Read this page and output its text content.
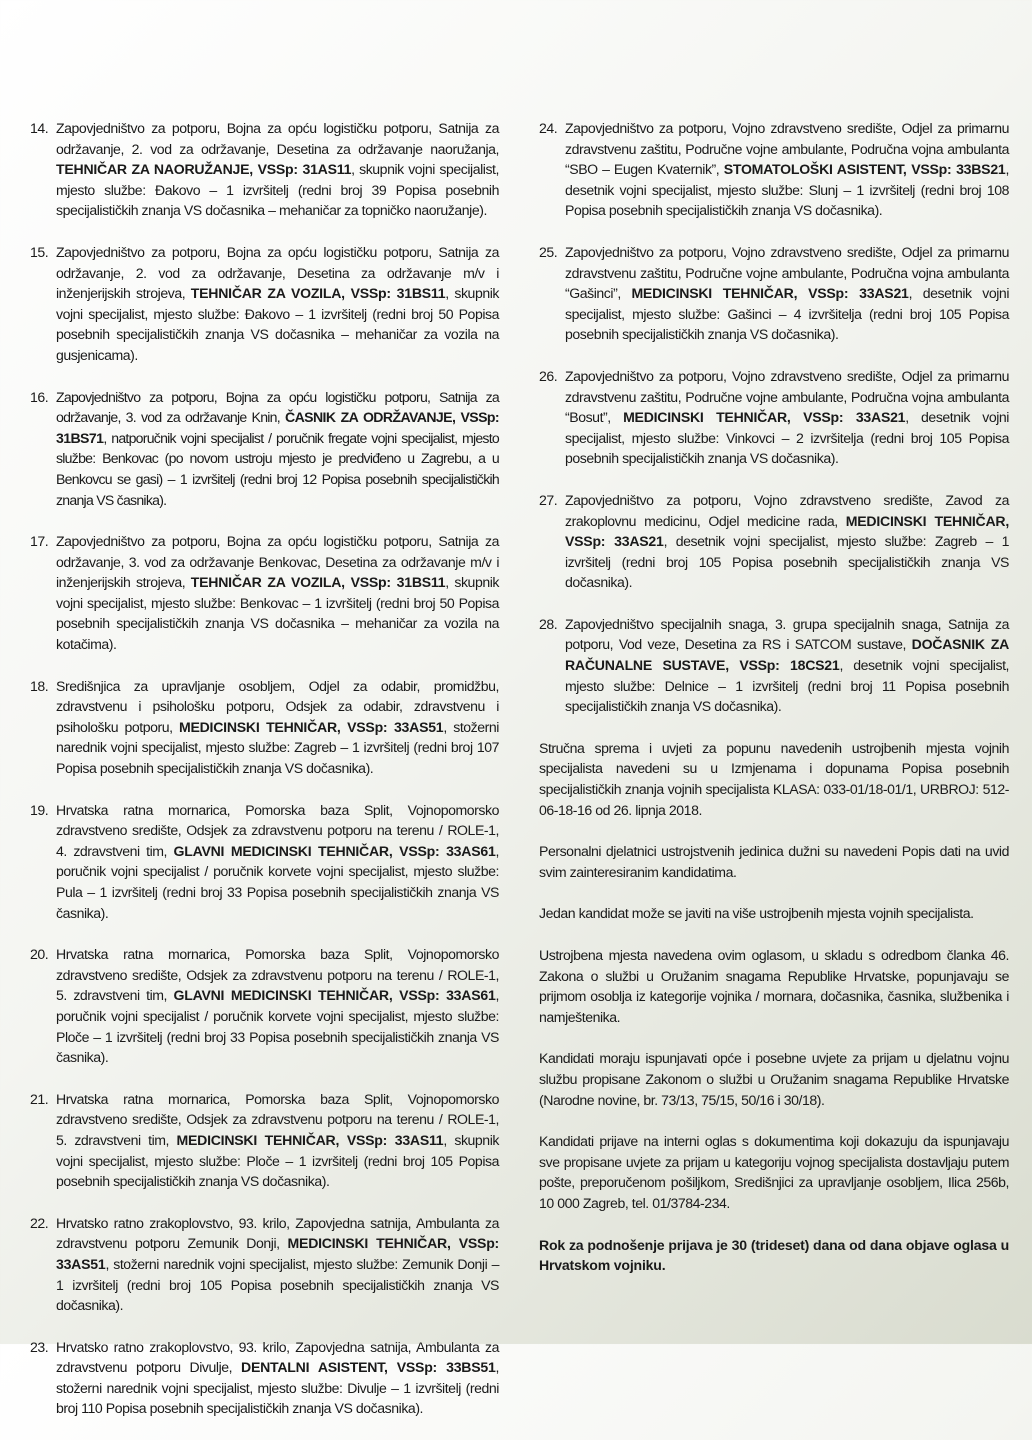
14. Zapovjedništvo za potporu, Bojna za opću logističku potporu, Satnija za održavanje, 2. vod za održavanje, Desetina za održavanje naoružanja, TEHNIČAR ZA NAORUŽANJE, VSSp: 31AS11, skupnik vojni specijalist, mjesto službe: Đakovo – 1 izvršitelj (redni broj 39 Popisa posebnih specijalističkih znanja VS dočasnika – mehaničar za topničko naoružanje).

15. Zapovjedništvo za potporu, Bojna za opću logističku potporu, Satnija za održavanje, 2. vod za održavanje, Desetina za održavanje m/v i inženjerijskih strojeva, TEHNIČAR ZA VOZILA, VSSp: 31BS11, skupnik vojni specijalist, mjesto službe: Đakovo – 1 izvršitelj (redni broj 50 Popisa posebnih specijalističkih znanja VS dočasnika – mehaničar za vozila na gusjenicama).

16. Zapovjedništvo za potporu, Bojna za opću logističku potporu, Satnija za održavanje, 3. vod za održavanje Knin, ČASNIK ZA ODRŽAVANJE, VSSp: 31BS71, natporučnik vojni specijalist / poručnik fregate vojni specijalist, mjesto službe: Benkovac (po novom ustroju mjesto je predviđeno u Zagrebu, a u Benkovcu se gasi) – 1 izvršitelj (redni broj 12 Popisa posebnih specijalističkih znanja VS časnika).

17. Zapovjedništvo za potporu, Bojna za opću logističku potporu, Satnija za održavanje, 3. vod za održavanje Benkovac, Desetina za održavanje m/v i inženjerijskih strojeva, TEHNIČAR ZA VOZILA, VSSp: 31BS11, skupnik vojni specijalist, mjesto službe: Benkovac – 1 izvršitelj (redni broj 50 Popisa posebnih specijalističkih znanja VS dočasnika – mehaničar za vozila na kotačima).

18. Središnjica za upravljanje osobljem, Odjel za odabir, promidžbu, zdravstvenu i psihološku potporu, Odsjek za odabir, zdravstvenu i psihološku potporu, MEDICINSKI TEHNIČAR, VSSp: 33AS51, stožerni narednik vojni specijalist, mjesto službe: Zagreb – 1 izvršitelj (redni broj 107 Popisa posebnih specijalističkih znanja VS dočasnika).

19. Hrvatska ratna mornarica, Pomorska baza Split, Vojnopomorsko zdravstveno središte, Odsjek za zdravstvenu potporu na terenu / ROLE-1, 4. zdravstveni tim, GLAVNI MEDICINSKI TEHNIČAR, VSSp: 33AS61, poručnik vojni specijalist / poručnik korvete vojni specijalist, mjesto službe: Pula – 1 izvršitelj (redni broj 33 Popisa posebnih specijalističkih znanja VS časnika).

20. Hrvatska ratna mornarica, Pomorska baza Split, Vojnopomorsko zdravstveno središte, Odsjek za zdravstvenu potporu na terenu / ROLE-1, 5. zdravstveni tim, GLAVNI MEDICINSKI TEHNIČAR, VSSp: 33AS61, poručnik vojni specijalist / poručnik korvete vojni specijalist, mjesto službe: Ploče – 1 izvršitelj (redni broj 33 Popisa posebnih specijalističkih znanja VS časnika).

21. Hrvatska ratna mornarica, Pomorska baza Split, Vojnopomorsko zdravstveno središte, Odsjek za zdravstvenu potporu na terenu / ROLE-1, 5. zdravstveni tim, MEDICINSKI TEHNIČAR, VSSp: 33AS11, skupnik vojni specijalist, mjesto službe: Ploče – 1 izvršitelj (redni broj 105 Popisa posebnih specijalističkih znanja VS dočasnika).

22. Hrvatsko ratno zrakoplovstvo, 93. krilo, Zapovjedna satnija, Ambulanta za zdravstvenu potporu Zemunik Donji, MEDICINSKI TEHNIČAR, VSSp: 33AS51, stožerni narednik vojni specijalist, mjesto službe: Zemunik Donji – 1 izvršitelj (redni broj 105 Popisa posebnih specijalističkih znanja VS dočasnika).

23. Hrvatsko ratno zrakoplovstvo, 93. krilo, Zapovjedna satnija, Ambulanta za zdravstvenu potporu Divulje, DENTALNI ASISTENT, VSSp: 33BS51, stožerni narednik vojni specijalist, mjesto službe: Divulje – 1 izvršitelj (redni broj 110 Popisa posebnih specijalističkih znanja VS dočasnika).

24. Zapovjedništvo za potporu, Vojno zdravstveno središte, Odjel za primarnu zdravstvenu zaštitu, Područne vojne ambulante, Područna vojna ambulanta “SBO – Eugen Kvaternik”, STOMATOLOŠKI ASISTENT, VSSp: 33BS21, desetnik vojni specijalist, mjesto službe: Slunj – 1 izvršitelj (redni broj 108 Popisa posebnih specijalističkih znanja VS dočasnika).

25. Zapovjedništvo za potporu, Vojno zdravstveno središte, Odjel za primarnu zdravstvenu zaštitu, Područne vojne ambulante, Područna vojna ambulanta “Gašinci”, MEDICINSKI TEHNIČAR, VSSp: 33AS21, desetnik vojni specijalist, mjesto službe: Gašinci – 4 izvršitelja (redni broj 105 Popisa posebnih specijalističkih znanja VS dočasnika).

26. Zapovjedništvo za potporu, Vojno zdravstveno središte, Odjel za primarnu zdravstvenu zaštitu, Područne vojne ambulante, Područna vojna ambulanta “Bosut”, MEDICINSKI TEHNIČAR, VSSp: 33AS21, desetnik vojni specijalist, mjesto službe: Vinkovci – 2 izvršitelja (redni broj 105 Popisa posebnih specijalističkih znanja VS dočasnika).

27. Zapovjedništvo za potporu, Vojno zdravstveno središte, Zavod za zrakoplovnu medicinu, Odjel medicine rada, MEDICINSKI TEHNIČAR, VSSp: 33AS21, desetnik vojni specijalist, mjesto službe: Zagreb – 1 izvršitelj (redni broj 105 Popisa posebnih specijalističkih znanja VS dočasnika).

28. Zapovjedništvo specijalnih snaga, 3. grupa specijalnih snaga, Satnija za potporu, Vod veze, Desetina za RS i SATCOM sustave, DOČASNIK ZA RAČUNALNE SUSTAVE, VSSp: 18CS21, desetnik vojni specijalist, mjesto službe: Delnice – 1 izvršitelj (redni broj 11 Popisa posebnih specijalističkih znanja VS dočasnika).

Stručna sprema i uvjeti za popunu navedenih ustrojbenih mjesta vojnih specijalista navedeni su u Izmjenama i dopunama Popisa posebnih specijalističkih znanja vojnih specijalista KLASA: 033-01/18-01/1, URBROJ: 512-06-18-16 od 26. lipnja 2018.

Personalni djelatnici ustrojstvenih jedinica dužni su navedeni Popis dati na uvid svim zainteresiranim kandidatima.

Jedan kandidat može se javiti na više ustrojbenih mjesta vojnih specijalista.

Ustrojbena mjesta navedena ovim oglasom, u skladu s odredbom članka 46. Zakona o službi u Oružanim snagama Republike Hrvatske, popunjavaju se prijmom osoblja iz kategorije vojnika / mornara, dočasnika, časnika, službenika i namještenika.

Kandidati moraju ispunjavati opće i posebne uvjete za prijam u djelatnu vojnu službu propisane Zakonom o službi u Oružanim snagama Republike Hrvatske (Narodne novine, br. 73/13, 75/15, 50/16 i 30/18).

Kandidati prijave na interni oglas s dokumentima koji dokazuju da ispunjavaju sve propisane uvjete za prijam u kategoriju vojnog specijalista dostavljaju putem pošte, preporučenom pošiljkom, Središnjici za upravljanje osobljem, Ilica 256b, 10 000 Zagreb, tel. 01/3784-234.

Rok za podnošenje prijava je 30 (trideset) dana od dana objave oglasa u Hrvatskom vojniku.
